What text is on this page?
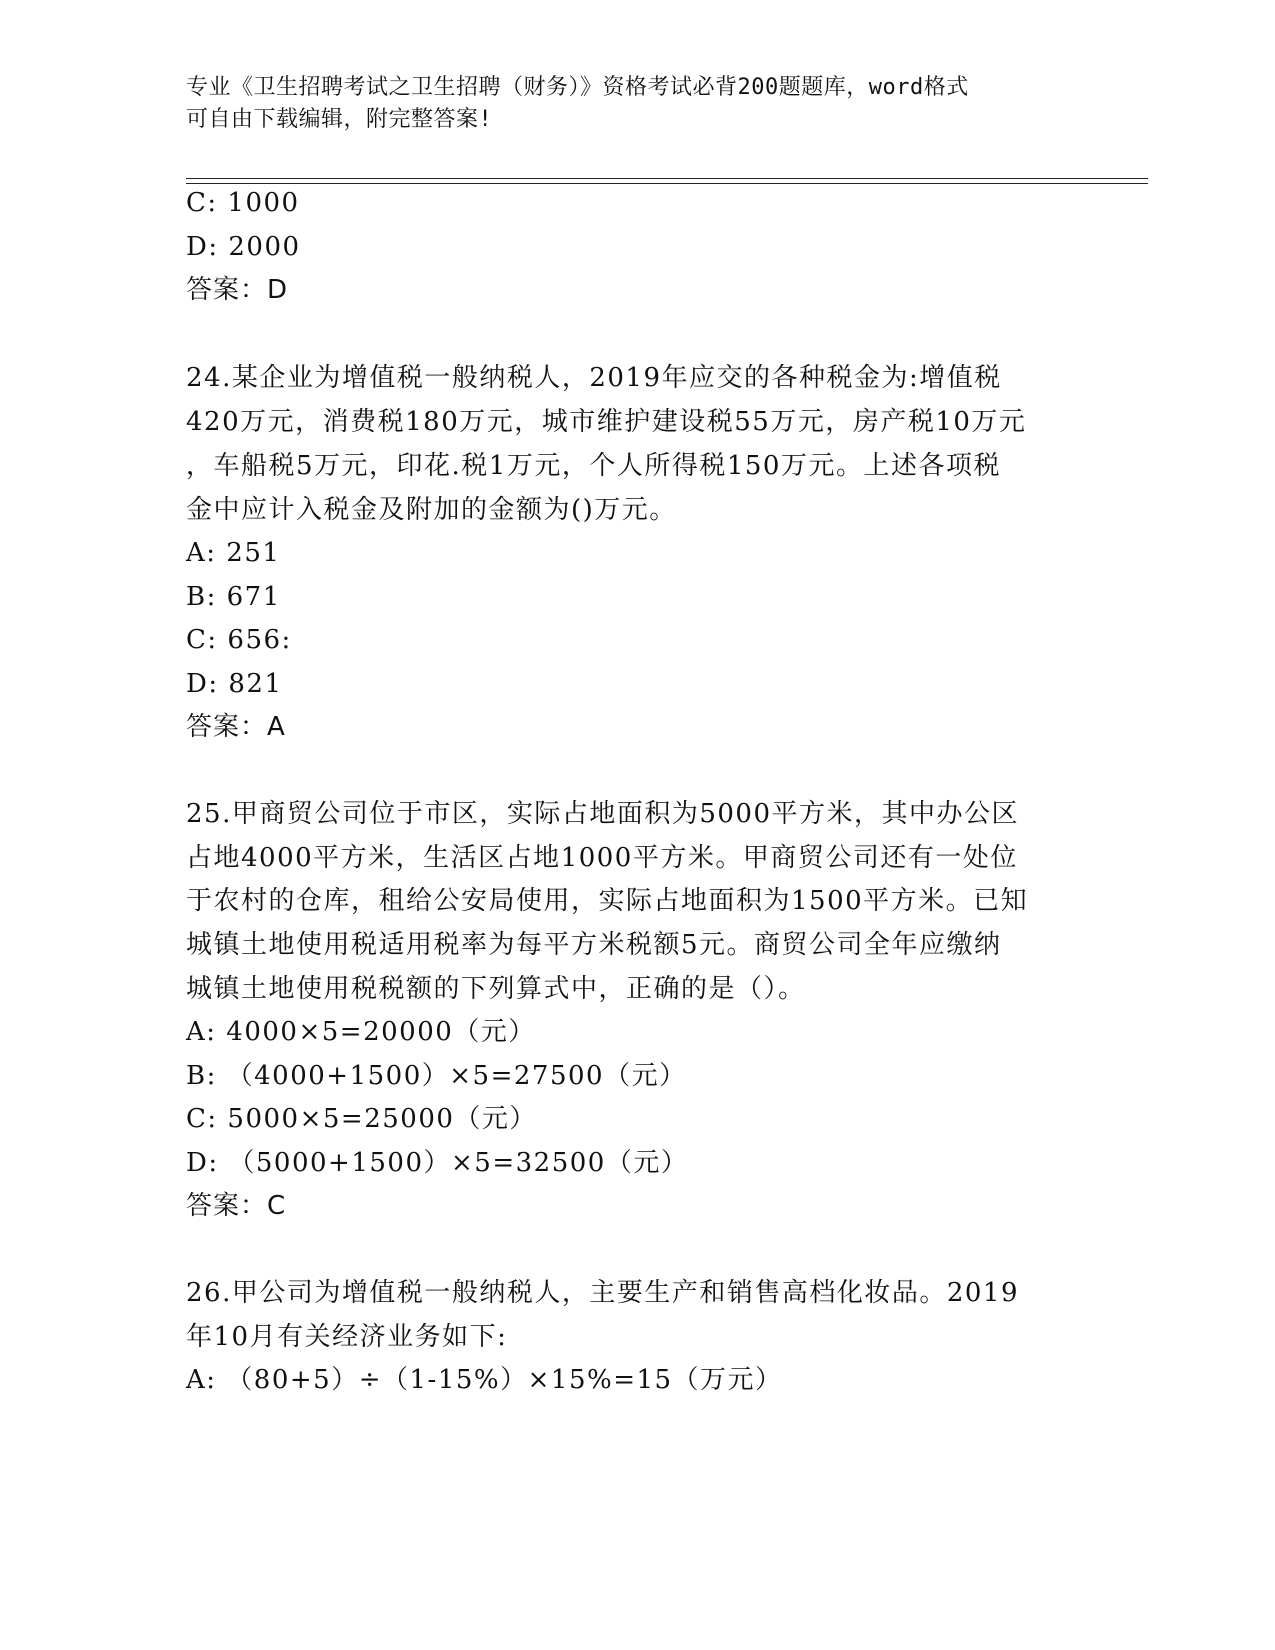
专业《卫生招聘考试之卫生招聘（财务）》资格考试必背200题题库，word格式
可自由下载编辑，附完整答案!
C: 1000
D: 2000
答案：D
24.某企业为增值税一般纳税人，2019年应交的各种税金为:增值税
420万元，消费税180万元，城市维护建设税55万元，房产税10万元
，车船税5万元，印花.税1万元，个人所得税150万元。上述各项税
金中应计入税金及附加的金额为()万元。
A: 251
B: 671
C: 656:
D: 821
答案：A
25.甲商贸公司位于市区，实际占地面积为5000平方米，其中办公区
占地4000平方米，生活区占地1000平方米。甲商贸公司还有一处位
于农村的仓库，租给公安局使用，实际占地面积为1500平方米。已知
城镇土地使用税适用税率为每平方米税额5元。商贸公司全年应缴纳
城镇土地使用税税额的下列算式中，正确的是（）。
A: 4000×5=20000（元）
B: （4000+1500）×5=27500（元）
C: 5000×5=25000（元）
D: （5000+1500）×5=32500（元）
答案：C
26.甲公司为增值税一般纳税人，主要生产和销售高档化妆品。2019
年10月有关经济业务如下:
A: （80+5）÷（1-15%）×15%=15（万元）
